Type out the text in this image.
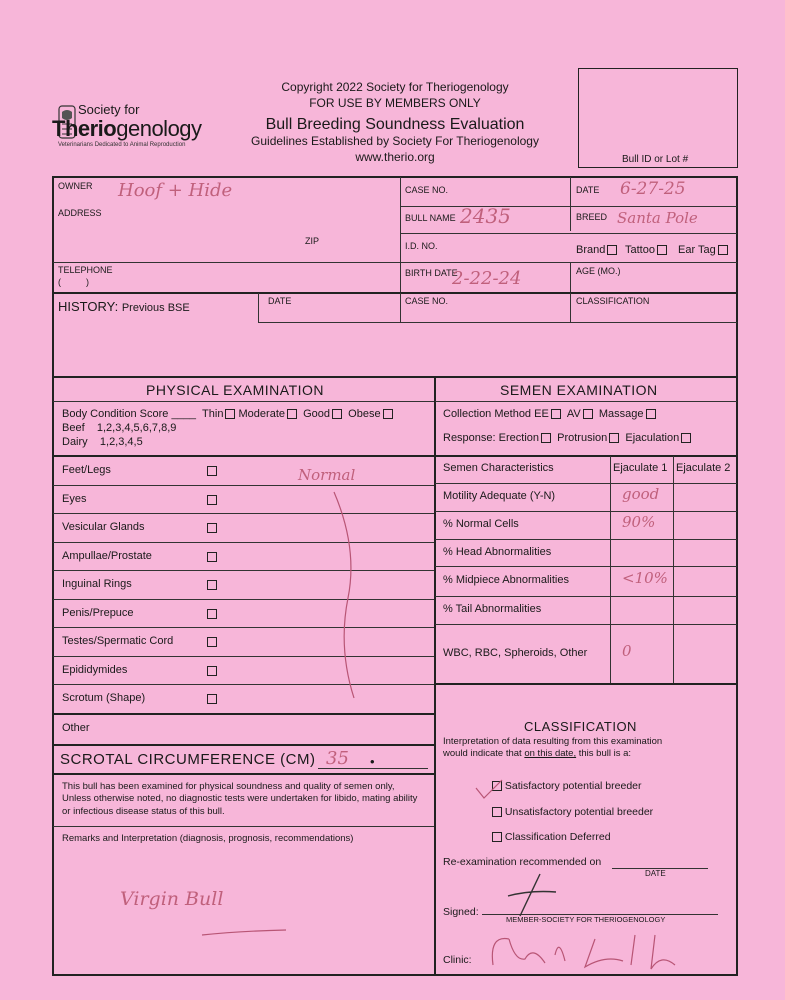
Society for
Theriogenology
Veterinarians Dedicated to Animal Reproduction
Copyright 2022 Society for Theriogenology
FOR USE BY MEMBERS ONLY
Bull Breeding Soundness Evaluation
Guidelines Established by Society For Theriogenology
www.therio.org	Bull ID or Lot #
OWNER Hoof + Hide
ADDRESS
ZIP
TELEPHONE
(          )
CASE NO.
BULL NAME 2435
I.D. NO.
BIRTH DATE
2-22-24
DATE 6-27-25
BREED Santa Pole
Brand	Tattoo	Ear Tag
AGE (MO.)
HISTORY: Previous BSE
DATE	CASE NO.	CLASSIFICATION
PHYSICAL EXAMINATION
Body Condition Score ____  Thin Moderate Good Obese
Beef    1,2,3,4,5,6,7,8,9
Dairy    1,2,3,4,5
Feet/Legs
Eyes
Vesicular Glands
Ampullae/Prostate
Inguinal Rings
Penis/Prepuce
Testes/Spermatic Cord
Epididymides
Scrotum (Shape)
Other
Normal
SCROTAL CIRCUMFERENCE (CM) 35 •
This bull has been examined for physical soundness and quality of semen only, Unless otherwise noted, no diagnostic tests were undertaken for libido, mating ability or infectious disease status of this bull.
Remarks and Interpretation (diagnosis, prognosis, recommendations)
Virgin Bull
SEMEN EXAMINATION
Collection Method EE AV Massage
Response: Erection Protrusion Ejaculation
Semen Characteristics	Ejaculate 1 Ejaculate 2
Motility Adequate (Y-N)	good
% Normal Cells	90%
% Head Abnormalities
% Midpiece Abnormalities	<10%
% Tail Abnormalities
WBC, RBC, Spheroids, Other 0
CLASSIFICATION
Interpretation of data resulting from this examination
would indicate that on this date, this bull is a:
Satisfactory potential breeder
Unsatisfactory potential breeder
Classification Deferred
Re-examination recommended on
DATE
Signed:
MEMBER-SOCIETY FOR THERIOGENOLOGY
Clinic:
